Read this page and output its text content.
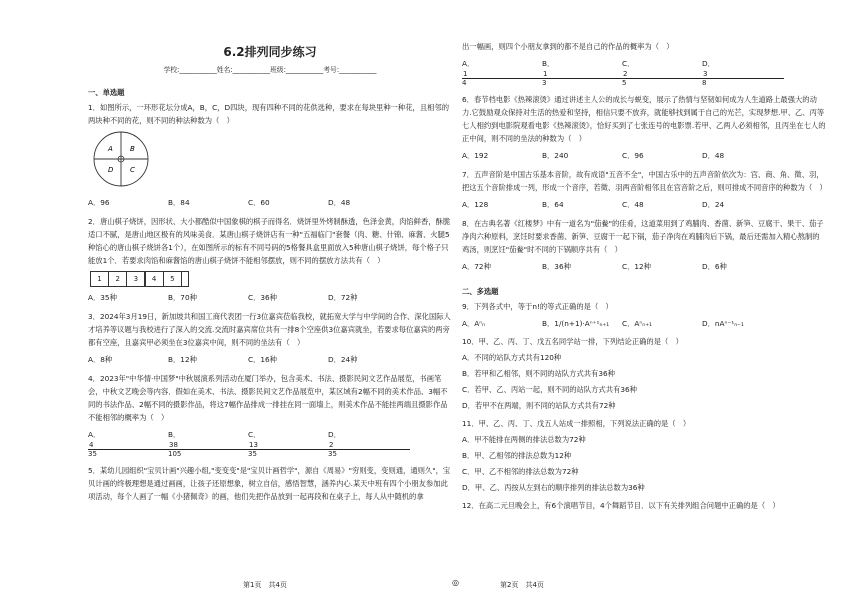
6.2排列同步练习
学校:___________姓名:___________班级:___________考号:___________

一、单选题

1．如图所示，一环形花坛分成A，B，C，D四块，现有四种不同的花供选种，要求在每块里种一种花，且相邻的两块种不同的花，则不同的种法种数为（　）

A B
D C
A．96	B．84	C．60	D．48

2．唐山棋子烧饼，因形状、大小都酷似中国象棋的棋子而得名．烧饼里外烤制酥透，色泽金黄，肉馅鲜香，酥脆适口不腻，是唐山地区极有的风味美食．某唐山棋子烧饼店有一种"五福临门"套餐（肉、糖、什锦、麻酱、火腿5种馅心的唐山棋子烧饼各1个），在如图所示的标有不同号码的5格餐具盒里面放入5种唐山棋子烧饼，每个格子只能放1个．若要求肉馅和麻酱馅的唐山棋子烧饼不能相邻摆放，则不同的摆放方法共有（　）

1	2	3	4	5
A．35种	B．70种	C．36种	D．72种

3．2024年3月19日，新加坡共和国工商代表团一行3位嘉宾莅临我校，就拓宽大学与中学间的合作、深化国际人才培养等议题与我校进行了深入的交流.交流时嘉宾席位共有一排8个空座供3位嘉宾就坐，若要求每位嘉宾的两旁都有空座，且嘉宾甲必须坐在3位嘉宾中间，则不同的坐法有（　）

A．8种	B．12种	C．16种	D．24种

4．2023年"中华情·中国梦"中秋展演系列活动在厦门举办，包含美术、书法、摄影民间文艺作品展览，书画笔会，中秋文艺晚会等内容．假如在美术、书法、摄影民间文艺作品展览中，某区域有2幅不同的美术作品、3幅不同的书法作品、2幅不同的摄影作品，将这7幅作品排成一排挂在同一面墙上，则美术作品不能挂两端且摄影作品不能相邻的概率为（　）

A．$\frac{4}{35}$
B．$\frac{38}{105}$
C．$\frac{13}{35}$
D．$\frac{2}{35}$

5．某幼儿园组织"宝贝计画"兴趣小组,"变变变"是"宝贝计画哲学"，源自《周易》"穷则变，变则通，通则久"，宝贝计画的终极理想是通过画画，让孩子还原想象，树立自信，感悟智慧，涵养内心.某天中班有四个小朋友参加此项活动，每个人画了一幅《小猪佩奇》的画，他们先把作品放到一起再段和在桌子上，每人从中随机的拿

出一幅画，则四个小朋友拿到的都不是自己的作品的概率为（　）

A．$\frac{1}{4}$
B．$\frac{1}{3}$
C．$\frac{2}{5}$
D．$\frac{3}{8}$

6．春节档电影《热辣滚烫》通过讲述主人公的成长与蜕变，展示了热情与坚韧如何成为人生道路上最强大的动力.它鼓励观众保持对生活的热爱和坚持，相信只要不放弃，就能够找到属于自己的光芒，实现梦想.甲、乙、丙等七人相约到电影院观看电影《热辣滚烫》，恰好买到了七张连号的电影票.若甲、乙两人必须相邻，且丙坐在七人的正中间，则不同的坐法的种数为（　）

A．192	B．240	C．96	D．48

7．五声音阶是中国古乐基本音阶，故有成语"五音不全"，中国古乐中的五声音阶依次为：宫、商、角、徵、羽，把这五个音阶排成一列，形成一个音序，若徵、羽两音阶相邻且在宫音阶之后，则可排成不同音序的种数为（　）

A．128	B．64	C．48	D．24

8．在古典名著《红楼梦》中有一道名为"茄鲞"的佳肴，这道菜用到了鸡脯肉、香菌、新笋、豆腐干、果干、茄子净肉六种原料，烹饪时要求香菌、新笋、豆腐干一起下锅，茄子净肉在鸡脯肉后下锅，最后还需加入精心熬制的鸡汤，则烹饪"茄鲞"时不同的下锅顺序共有（　）

A．72种	B．36种	C．12种	D．6种

二、多选题

9．下列各式中，等于n!的等式正确的是（　）

A．Aⁿₙ	B．1/(n+1)·Aⁿ⁺¹ₙ₊₁	C．Aⁿₙ₊₁	D．nAⁿ⁻¹ₙ₋₁

10．甲、乙、丙、丁、戊五名同学站一排，下列结论正确的是（　）

A．不同的站队方式共有120种
B．若甲和乙相邻，则不同的站队方式共有36种
C．若甲、乙、丙站一起，则不同的站队方式共有36种
D．若甲不在两端，则不同的站队方式共有72种

11．甲、乙、丙、丁、戊五人站成一排照相，下列说法正确的是（　）

A．甲不能排在两侧的排法总数为72种
B．甲、乙相邻的排法总数为12种
C．甲、乙不相邻的排法总数为72种
D．甲、乙、丙按从左到右的顺序排列的排法总数为36种

12．在高二元旦晚会上，有6个演唱节目，4个舞蹈节目．以下有关排列组合问题中正确的是（　）

第1页　共4页	◎	第2页　共4页
